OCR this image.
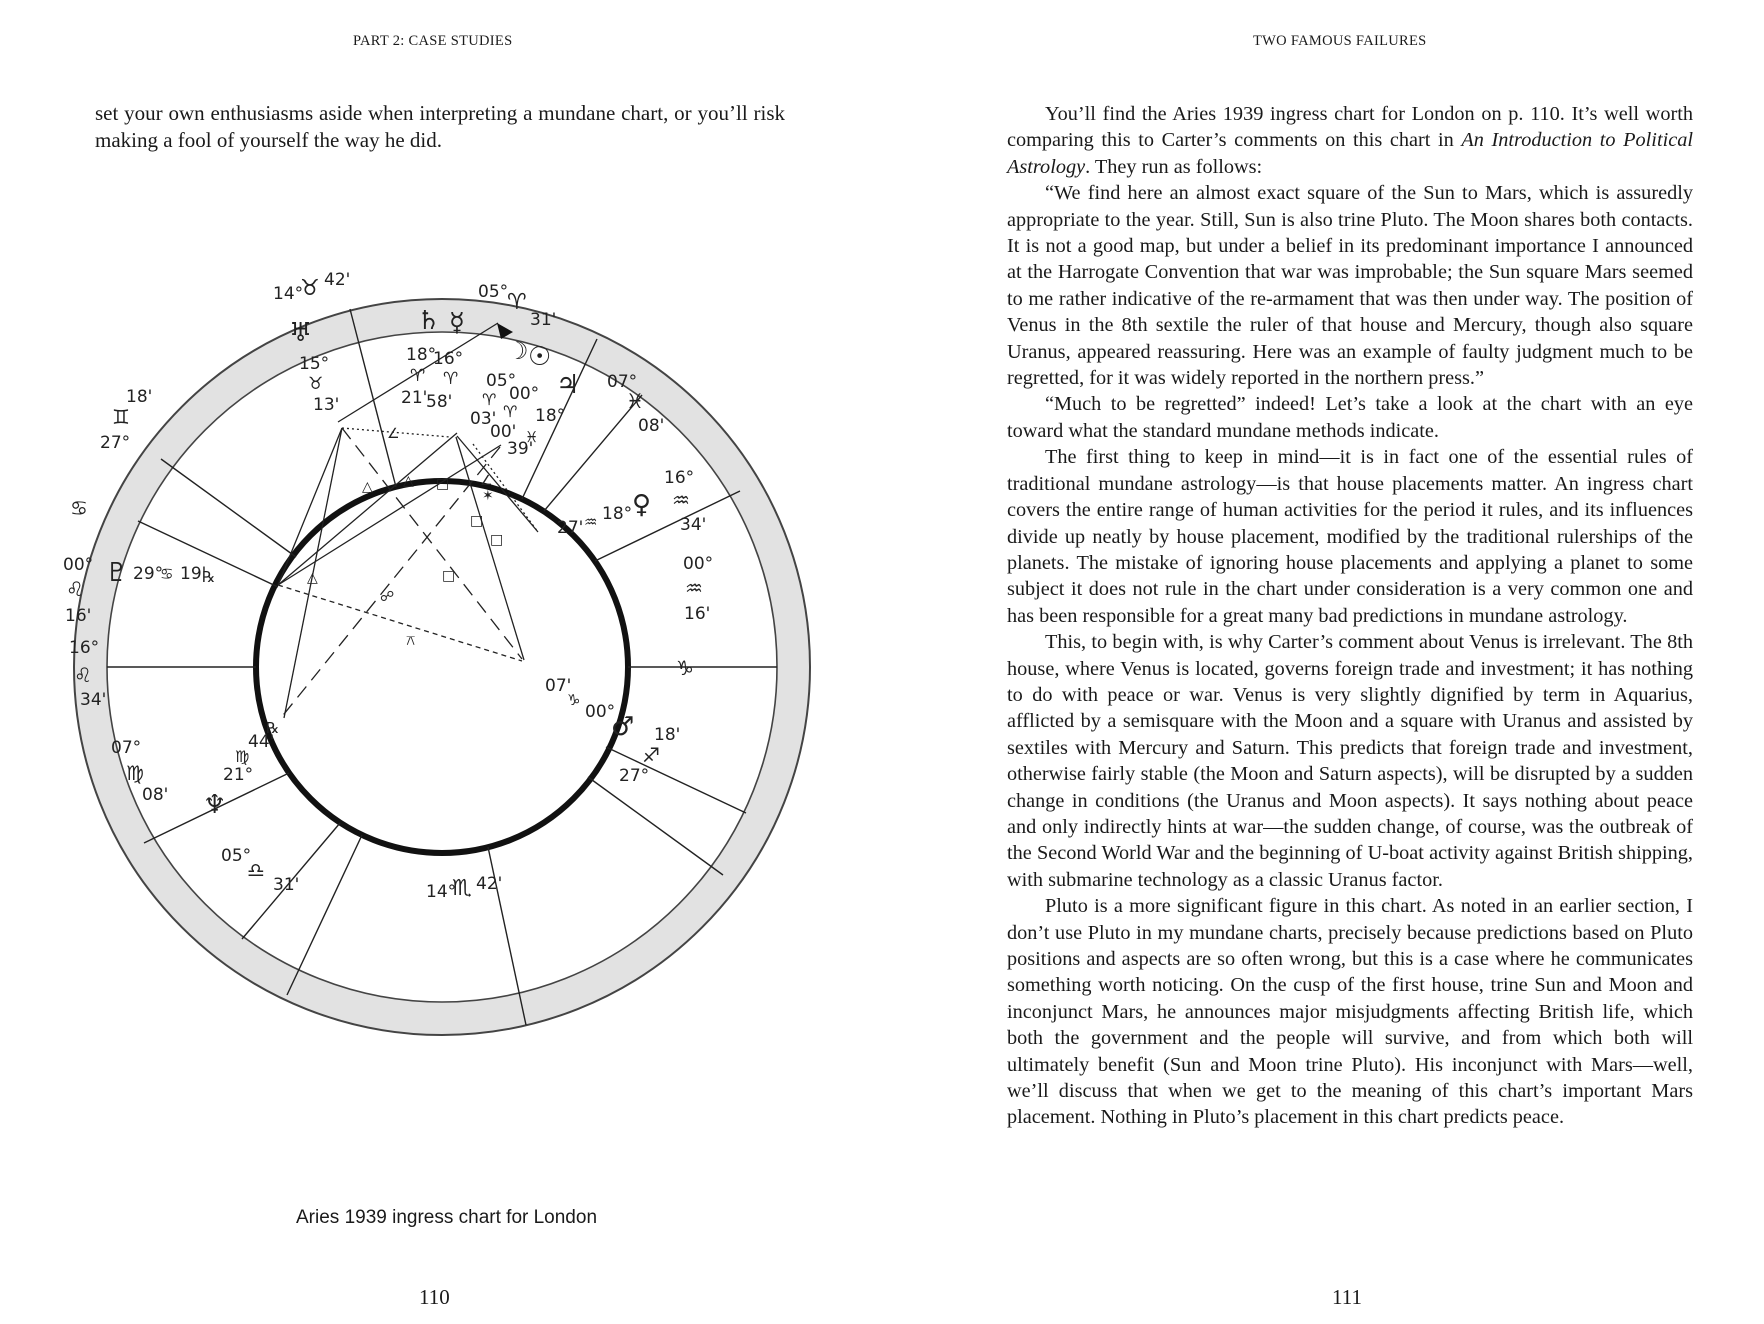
PART 2: CASE STUDIES
set your own enthusiasms aside when interpreting a mundane chart, or you’ll risk making a fool of yourself the way he did.
△ △
△
□
□
□
□
∠
∠
✶
☍
⚻
14°
♉ 42'
05°
♈
31'
07°
♓
08'
16°
♒
34'
00°
♒
16'
♑
18'
♐
27°
14°
♏ 42'
05°
♎
31'
07°
♍
08'
16°
♌
34'
00°
♌
16'
♋
18'
♊
27°
♅
15°
♉
13'
♄
18°
♈
21'
☿
16°
♈
58'
☽
05°
♈
03'
☉
00°
♈
00'
♃
18°
♓
39'
♀
18°
♒
27'
♂
00°
♑
07'
♆
21°
♍
44'
℞
♇ 29°
♋ 19'
℞
Aries 1939 ingress chart for London
110
TWO FAMOUS FAILURES
111

You’ll find the Aries 1939 ingress chart for London on p. 110. It’s well worth comparing this to Carter’s comments on this chart in An Introduction to Political Astrology. They run as follows:

“We find here an almost exact square of the Sun to Mars, which is assuredly appropriate to the year. Still, Sun is also trine Pluto. The Moon shares both contacts. It is not a good map, but under a belief in its predominant importance I announced at the Harrogate Convention that war was improbable; the Sun square Mars seemed to me rather indicative of the re-armament that was then under way. The position of Venus in the 8th sextile the ruler of that house and Mercury, though also square Uranus, appeared reassuring. Here was an example of faulty judgment much to be regretted, for it was widely reported in the northern press.”

“Much to be regretted” indeed! Let’s take a look at the chart with an eye toward what the standard mundane methods indicate.

The first thing to keep in mind—it is in fact one of the essential rules of traditional mundane astrology—is that house placements matter. An ingress chart covers the entire range of human activities for the period it rules, and its influences divide up neatly by house placement, modified by the traditional rulerships of the planets. The mistake of ignoring house placements and applying a planet to some subject it does not rule in the chart under consideration is a very common one and has been responsible for a great many bad predictions in mundane astrology.

This, to begin with, is why Carter’s comment about Venus is irrelevant. The 8th house, where Venus is located, governs foreign trade and investment; it has nothing to do with peace or war. Venus is very slightly dignified by term in Aquarius, afflicted by a semisquare with the Moon and a square with Uranus and assisted by sextiles with Mercury and Saturn. This predicts that foreign trade and investment, otherwise fairly stable (the Moon and Saturn aspects), will be disrupted by a sudden change in conditions (the Uranus and Moon aspects). It says nothing about peace and only indirectly hints at war—the sudden change, of course, was the outbreak of the Second World War and the beginning of U-boat activity against British shipping, with submarine technology as a classic Uranus factor.

Pluto is a more significant figure in this chart. As noted in an earlier section, I don’t use Pluto in my mundane charts, precisely because predictions based on Pluto positions and aspects are so often wrong, but this is a case where he communicates something worth noticing. On the cusp of the first house, trine Sun and Moon and inconjunct Mars, he announces major misjudgments affecting British life, which both the government and the people will survive, and from which both will ultimately benefit (Sun and Moon trine Pluto). His inconjunct with Mars—well, we’ll discuss that when we get to the meaning of this chart’s important Mars placement. Nothing in Pluto’s placement in this chart predicts peace.
